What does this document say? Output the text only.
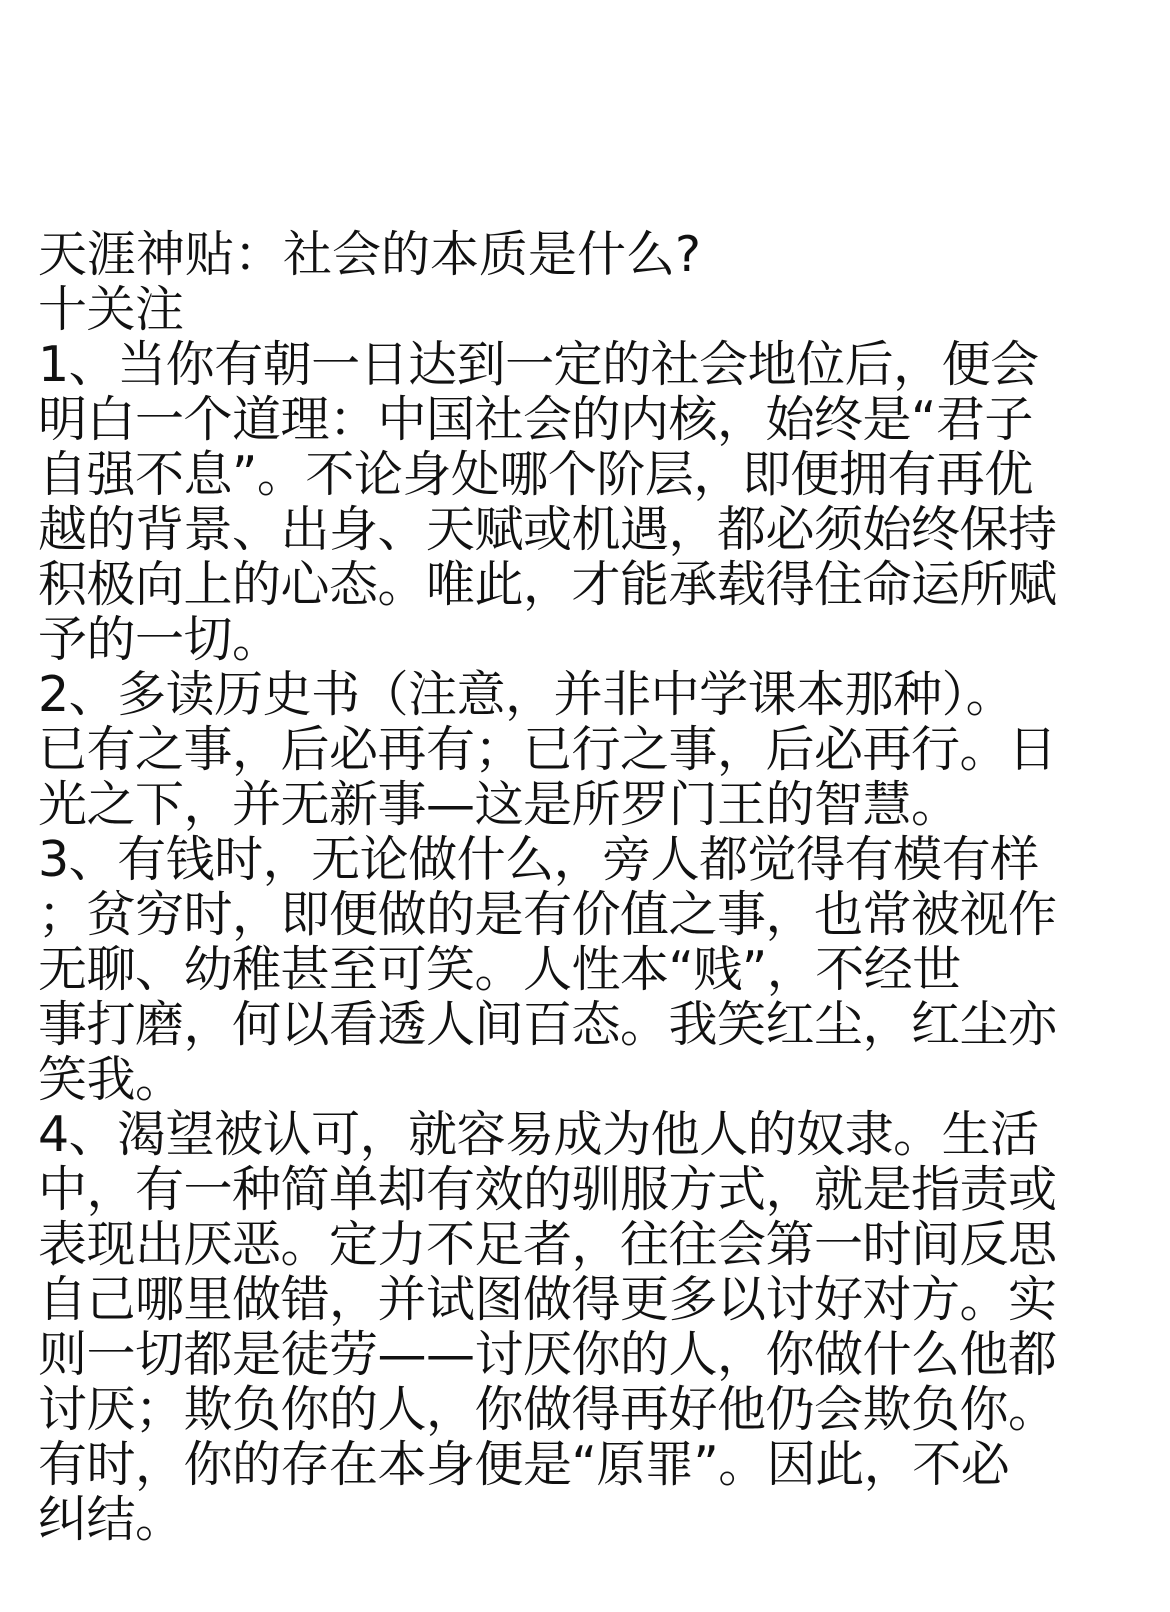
天涯神贴：社会的本质是什么?
十关注
1、当你有朝一日达到一定的社会地位后，便会
明白一个道理：中国社会的内核，始终是“君子
自强不息”。不论身处哪个阶层，即便拥有再优
越的背景、出身、天赋或机遇，都必须始终保持
积极向上的心态。唯此，才能承载得住命运所赋
予的一切。
2、多读历史书（注意，并非中学课本那种）。
已有之事，后必再有；已行之事，后必再行。日
光之下，并无新事—这是所罗门王的智慧。
3、有钱时，无论做什么，旁人都觉得有模有样
；贫穷时，即便做的是有价值之事，也常被视作
无聊、幼稚甚至可笑。人性本“贱”，不经世
事打磨，何以看透人间百态。我笑红尘，红尘亦
笑我。
4、渴望被认可，就容易成为他人的奴隶。生活
中，有一种简单却有效的驯服方式，就是指责或
表现出厌恶。定力不足者，往往会第一时间反思
自己哪里做错，并试图做得更多以讨好对方。实
则一切都是徒劳——讨厌你的人，你做什么他都
讨厌；欺负你的人，你做得再好他仍会欺负你。
有时，你的存在本身便是“原罪”。因此，不必
纠结。
